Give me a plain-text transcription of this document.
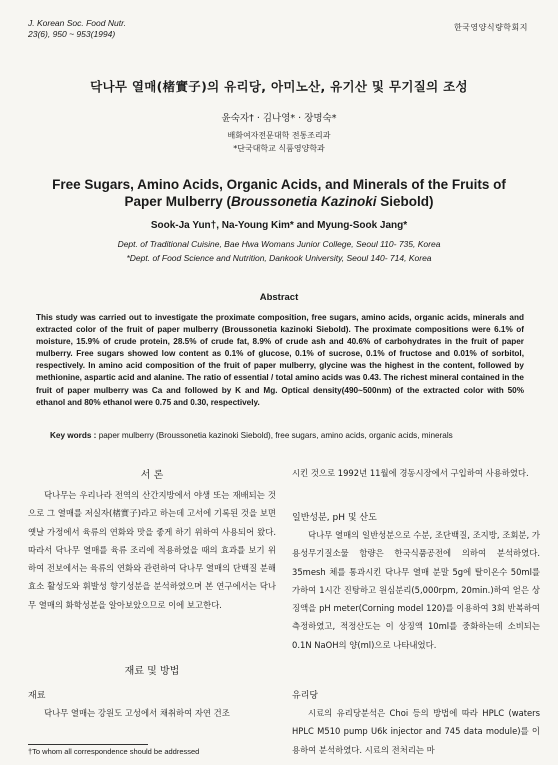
J. Korean Soc. Food Nutr.
23(6), 950 ~ 953(1994)
한국영양식량학회지
닥나무 열매(楮實子)의 유리당, 아미노산, 유기산 및 무기질의 조성
윤숙자† · 김나영* · 장명숙*
배화여자전문대학 전통조리과
*단국대학교 식품영양학과
Free Sugars, Amino Acids, Organic Acids, and Minerals of the Fruits of
Paper Mulberry (Broussonetia Kazinoki Siebold)
Sook-Ja Yun†, Na-Young Kim* and Myung-Sook Jang*
Dept. of Traditional Cuisine, Bae Hwa Womans Junior College, Seoul 110- 735, Korea
*Dept. of Food Science and Nutrition, Dankook University, Seoul 140- 714, Korea
Abstract
This study was carried out to investigate the proximate composition, free sugars, amino acids, organic acids, minerals and extracted color of the fruit of paper mulberry (Broussonetia kazinoki Siebold). The proximate compositions were 6.1% of moisture, 15.9% of crude protein, 28.5% of crude fat, 8.9% of crude ash and 40.6% of carbohydrates in the fruit of paper mulberry. Free sugars showed low content as 0.1% of glucose, 0.1% of sucrose, 0.1% of fructose and 0.01% of sorbitol, respectively. In amino acid composition of the fruit of paper mulberry, glycine was the highest in the content, followed by methionine, aspartic acid and alanine. The ratio of essential / total amino acids was 0.43. The richest mineral contained in the fruit of paper mulberry was Ca and followed by K and Mg. Optical density(490~500nm) of the extracted color with 50% ethanol and 80% ethanol were 0.75 and 0.30, respectively.
Key words : paper mulberry (Broussonetia kazinoki Siebold), free sugars, amino acids, organic acids, minerals
서 론
닥나무는 우리나라 전역의 산간지방에서 야생 또는 재배되는 것으로 그 열매를 저실자(楮實子)라고 하는데 고서에 기록된 것을 보면 옛날 가정에서 육류의 연화와 맛을 좋게 하기 위하여 사용되어 왔다. 따라서 닥나무 열매를 육류 조리에 적용하였을 때의 효과를 보기 위하여 전보에서는 육류의 연화와 관련하여 닥나무 열매의 단백질 분해효소 활성도와 휘발성 향기성분을 분석하였으며 본 연구에서는 닥나무 열매의 화학성분을 알아보았으므로 이에 보고한다.
재료 및 방법
재료
닥나무 열매는 강원도 고성에서 채취하여 자연 건조
시킨 것으로 1992년 11월에 경동시장에서 구입하여 사용하였다.
일반성분, pH 및 산도
닥나무 열매의 일반성분으로 수분, 조단백질, 조지방, 조회분, 가용성무기질소물 함량은 한국식품공전에 의하여 분석하였다. 35mesh 체를 통과시킨 닥나무 열매 분말 5g에 탈이온수 50ml를 가하여 1시간 진탕하고 원심분리(5,000rpm, 20min.)하여 얻은 상징액을 pH meter(Corning model 120)를 이용하여 3회 반복하여 측정하였고, 적정산도는 이 상징액 10ml를 중화하는데 소비되는 0.1N NaOH의 양(ml)으로 나타내었다.
유리당
시료의 유리당분석은 Choi 등의 방법에 따라 HPLC (waters HPLC M510 pump U6k injector and 745 data module)를 이용하여 분석하였다. 시료의 전처리는 마
†To whom all correspondence should be addressed
